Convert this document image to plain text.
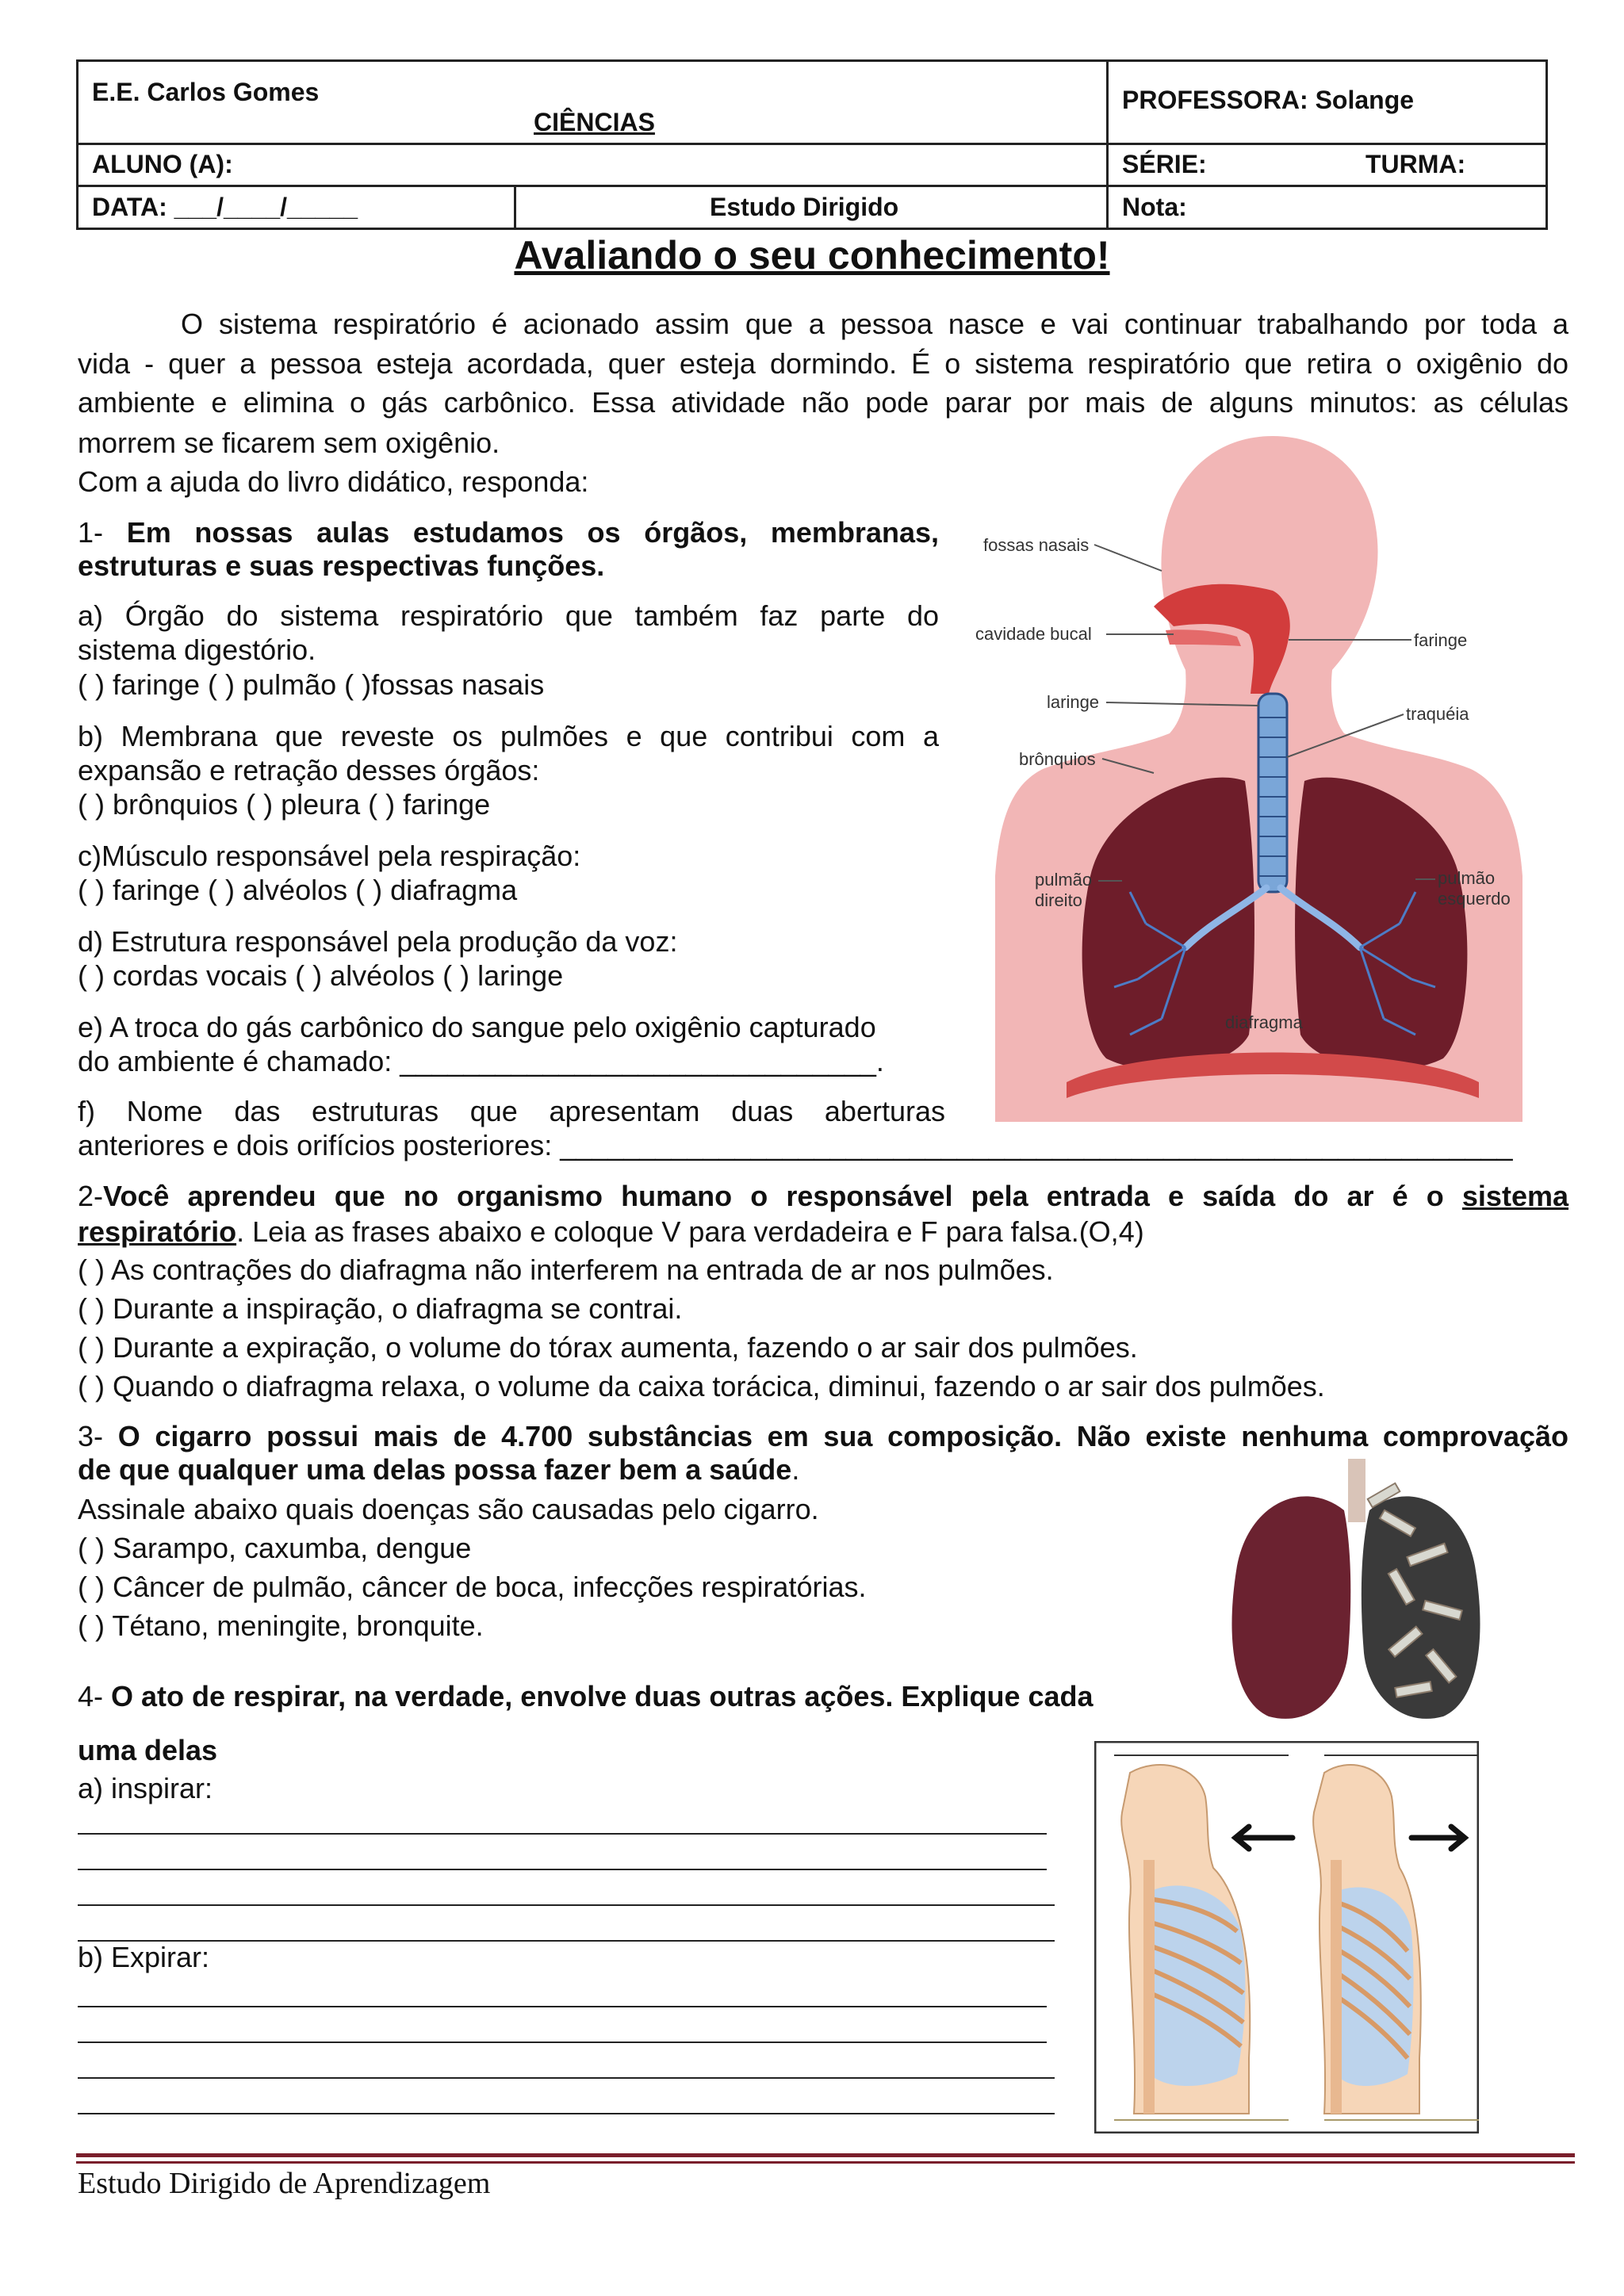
E.E. Carlos Gomes
CIÊNCIAS
PROFESSORA: Solange
ALUNO (A):	SÉRIE:	TURMA:
DATA: ___/____/_____	Estudo Dirigido	Nota:
Avaliando o seu conhecimento!
O sistema respiratório é acionado assim que a pessoa nasce e vai continuar trabalhando por toda a
vida - quer a pessoa esteja acordada, quer esteja dormindo. É o sistema respiratório que retira o oxigênio do
ambiente e elimina o gás carbônico. Essa atividade não pode parar por mais de alguns minutos: as células
morrem se ficarem sem oxigênio.
Com a ajuda do livro didático, responda:
1- Em nossas aulas estudamos os órgãos, membranas,
estruturas e suas respectivas funções.
a) Órgão do sistema respiratório que também faz parte do
sistema digestório.
( ) faringe ( ) pulmão ( )fossas nasais
b) Membrana que reveste os pulmões e que contribui com a
expansão e retração desses órgãos:
( ) brônquios ( ) pleura ( ) faringe
c)Músculo responsável pela respiração:
( ) faringe ( ) alvéolos ( ) diafragma
d) Estrutura responsável pela produção da voz:
( ) cordas vocais ( ) alvéolos ( ) laringe
e) A troca do gás carbônico do sangue pelo oxigênio capturado
do ambiente é chamado: ______________________________.
f) Nome das estruturas que apresentam duas aberturas
anteriores e dois orifícios posteriores: ____________________________________________________________
fossas nasais
cavidade bucal
laringe
brônquios
faringe
traquéia
pulmão
direito
pulmão
esquerdo
diafragma
2-Você aprendeu que no organismo humano o responsável pela entrada e saída do ar é o sistema
respiratório. Leia as frases abaixo e coloque V para verdadeira e F para falsa.(O,4)
( ) As contrações do diafragma não interferem na entrada de ar nos pulmões.
( ) Durante a inspiração, o diafragma se contrai.
( ) Durante a expiração, o volume do tórax aumenta, fazendo o ar sair dos pulmões.
( ) Quando o diafragma relaxa, o volume da caixa torácica, diminui, fazendo o ar sair dos pulmões.
3- O cigarro possui mais de 4.700 substâncias em sua composição. Não existe nenhuma comprovação
de que qualquer uma delas possa fazer bem a saúde.
Assinale abaixo quais doenças são causadas pelo cigarro.
( ) Sarampo, caxumba, dengue
( ) Câncer de pulmão, câncer de boca, infecções respiratórias.
( ) Tétano, meningite, bronquite.
4- O ato de respirar, na verdade, envolve duas outras ações. Explique cada
uma delas
a) inspirar:
b) Expirar:
Estudo Dirigido de Aprendizagem
